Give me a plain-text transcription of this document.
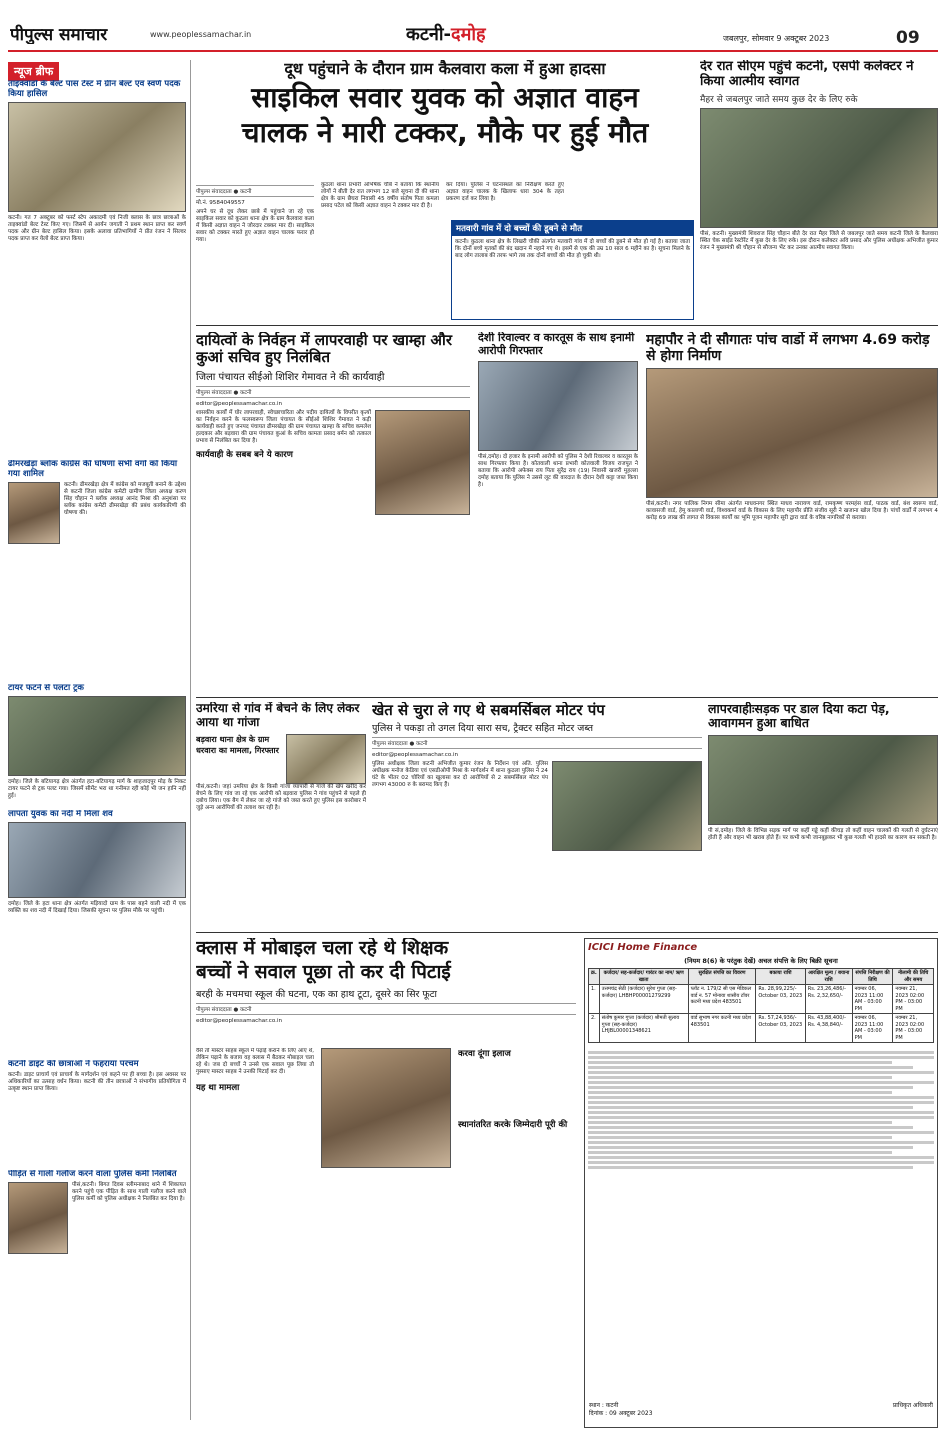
पीपुल्स समाचार	www.peoplessamachar.in	कटनी-दमोह	जबलपुर, सोमवार 9 अक्टूबर 2023	09
न्यूज ब्रीफ
ताइक्वांडो के बेल्ट पास टेस्ट में ग्रीन बेल्ट एवं स्वर्ण पदक किया हासिल
कटनी। गत 7 अक्टूबर को फर्स्ट स्टेप अकादमी एवं निजी क्लास के छात्र छात्राओं के ताइक्वांडो बेल्ट टेस्ट किए गए। जिसमें से आर्यन जगाती ने प्रथम स्थान प्राप्त कर स्वर्ण पदक और ग्रीन बेल्ट हासिल किया। इसके अलावा प्रतिभागियों ने प्रीत रंजन ने सिल्वर पदक प्राप्त कर येलो बेल्ट प्राप्त किया।
ढीमरखेड़ा ब्लॉक कांग्रेस की घोषणा सभी वर्गो को किया गया शामिल
कटनी। ढीमरखेड़ा क्षेत्र में कांग्रेस को मजबूती बनाने के उद्देश्य से कटनी जिला कांग्रेस कमेटी ग्रामीण जिला अध्यक्ष करण सिंह चौहान ने ब्लॉक अध्यक्ष आनंद मिश्रा की अनुशंसा पर ब्लॉक कांग्रेस कमेटी ढीमरखेड़ा की प्रबंध कार्यकारिणी की घोषणा की।
टायर फटने से पलटा ट्रक
दमोह। जिले के बटियागढ़ क्षेत्र अंतर्गत हटा-बटियागढ़ मार्ग के शाहजादपुर मोड़ के निकट टायर फटने से ट्रक पलट गया। जिसमें सीमेंट भरा था गनीमत रही कोई भी जन हानि नहीं हुई।
लापता युवक का नदी में मिला शव
दमोह। जिले के हटा थाना क्षेत्र अंतर्गत मड़ियादो ग्राम के पास बहने वाली नदी में एक व्यक्ति का शव नदी में दिखाई दिया। जिसकी सूचना पर पुलिस मौके पर पहुंची।
कटनी डाइट की छात्राओं ने फहराया परचम
कटनी। डाइट प्राचार्य एवं प्राचार्य के मार्गदर्शन एवं कहने पर ही बच्चा है। इस अवसर पर अधिकारियों का उत्साह वर्धन किया। कटनी की तीन छात्राओं ने संभागीय प्रतियोगिता में उत्कृष्ट स्थान प्राप्त किया।
पीड़ित से गाली गलौज करने वाला पुलिस कर्मी निलंबित
पीसं,कटनी। बिगत दिवस स्लीमनाबाद थाने में शिकायत करने पहुंचे एक पीड़ित के साथ गाली गलौज करने वाले पुलिस कर्मी को पुलिस अधीक्षक ने निलंबित कर दिया है।
दूध पहुंचाने के दौरान ग्राम कैलवारा कला में हुआ हादसा
साइकिल सवार युवक को अज्ञात वाहन
चालक ने मारी टक्कर, मौके पर हुई मौत
पीपुल्स संवाददाता ● कटनी
मो.नं. 9584049557
अपने घर से दूध लेकर छाबे में पहुंचाने जा रहे एक साइकिल सवार को कुठला थाना क्षेत्र के ग्राम कैलवारा कला में किसी अज्ञात वाहन ने जोरदार टक्कर मार दी। साइकिल सवार को टक्कर मारते हुए अज्ञात वाहन चालक फरार हो गया।
कुठला थाना प्रभारी अभिषेक चौबे ने बताया कि स्थानीय लोगों ने बीती देर रात लगभग 12 बजे सूचना दी की थाना क्षेत्र के ग्राम छैघरा निवासी 45 वर्षीय संतोष पिता कमला प्रसाद पटेल को किसी अज्ञात वाहन ने टक्कर मार दी है।
कर दिया। पुलिस ने घटनास्थल का निरीक्षण करते हुए अज्ञात वाहन चालक के खिलाफ धारा 304 के तहत प्रकरण दर्ज कर लिया है।
मतवारी गांव में दो बच्चों की डूबने से मौत
कटनी। कुठला थाना क्षेत्र के लिखरी चौकी अंतर्गत मतवारी गांव में दो बच्चों की डूबने से मौत हो गई है। बताया जाता कि दोनों बच्चे मृतकों की बंद खदान में नहाने गए थे। इसमें से एक की उम्र 10 साल 6 महीने का है। सूचना मिलने के बाद लोग तालाब की तरफ भागे तब तक दोनों बच्चों की मौत हो चुकी थी।
देर रात सीएम पहुंचे कटनी, एसपी कलेक्टर ने किया आत्मीय स्वागत
मैहर से जबलपुर जाते समय कुछ देर के लिए रुके
पीसं, कटनी। मुख्यमंत्री शिवराज सिंह चौहान बीते देर रात मैहर जिले से जबलपुर जाते समय कटनी जिले के कैलवारा स्थित चेक साईड रेस्टोरेंट में कुछ देर के लिए रुके। इस दौरान कलेक्टर अवि प्रसाद और पुलिस अधीक्षक अभिजीत कुमार रंजन ने मुख्यमंत्री श्री चौहान से सौजन्य भेंट कर उनका आत्मीय स्वागत किया।
दायित्वों के निर्वहन में लापरवाही पर खाम्हा और कुआं सचिव हुए निलंबित
जिला पंचायत सीईओ शिशिर गेमावत ने की कार्यवाही
पीपुल्स संवाददाता ● कटनी
editor@peoplessamachar.co.in
शासकीय कार्यों में घोर लापरवाही, स्वेच्छाचारिता और पदीय दायित्वों के विपरीत कृत्यों का निर्वहन करने के फलस्वरूप जिला पंचायत के सीईओ शिशिर गेमावत ने कड़ी कार्यवाही करते हुए जनपद पंचायत ढीमरखेड़ा की ग्राम पंचायत खाम्हा के सचिव कमलेश हल्दकार और बड़वारा की ग्राम पंचायत कुआं के सचिव कामता प्रसाद बर्मन को तत्काल प्रभाव से निलंबित कर दिया है।
कार्यवाही के सबब बने ये कारण
देशी रिवाल्वर व कारतूस के साथ इनामी आरोपी गिरफ्तार
पीसं,दमोह। दो हजार के इनामी आरोपी को पुलिस ने देशी रिवाल्वर व कारतूस के साथ गिरफ्तार किया है। कोतवाली थाना प्रभारी कोतवाली विजय राजपूत ने बताया कि आरोपी अफेक्स राय पिता सुरेंद्र राय (19) निवासी खजरी मुहल्ला दमोह बताया कि पुलिस ने उससे लूट की वारदात के दौरान देशी कट्टा जब्त किया है।
महापौर ने दी सौगातः पांच वार्डो में लगभग 4.69 करोड़ से होगा निर्माण
पीसं,कटनी। नगर पालिक निगम सीमा अंतर्गत माधवनगर स्थित माधव नारायण वार्ड, रामकृष्ण परमहंस वार्ड, पाठक वार्ड, बंश स्वरूप वार्ड, कावासजी वार्ड, हेमू कालाणी वार्ड, विश्वकर्मा वार्ड के विकास के लिए महापौर प्रीति संजीव सूरी ने खजाना खोल दिया है। पांचों वार्डों में लगभग 4 करोड़ 69 लाख की लागत से विकास कार्यों का भूमि पूजन महापौर सूरी द्वारा वार्ड के वरिष्ठ नागरिकों से कराया।
उमरिया से गांव में बेचने के लिए लेकर आया था गांजा
बड़वारा थाना क्षेत्र के ग्राम धरवारा का मामला, गिरफ्तार
पीसं,कटनी। जहां उमरिया क्षेत्र के किसी गांजा व्यापारी से गांजे की खेप खरीद कर बेचने के लिए गांव जा रहे एक आरोपी को बड़वारा पुलिस ने गांव पहुंचने से पहले ही दबोच लिया। एक बैग में लेकर जा रहे गांजे को जब्त करते हुए पुलिस इस कारोबार में जुड़े अन्य आरोपियों की तलाश कर रही है।
खेत से चुरा ले गए थे सबमर्सिबल मोटर पंप
पुलिस ने पकड़ा तो उगल दिया सारा सच, ट्रैक्टर सहित मोटर जब्त
पीपुल्स संवाददाता ● कटनी
editor@peoplessamachar.co.in
पुलिस अधीक्षक जिला कटनी अभिजीत कुमार रंजन के निर्देशन एवं अति. पुलिस अधीक्षक मनोज केडिया एवं एसडीओपी मिश्रा के मार्गदर्शन में थाना कुठला पुलिस ने 24 घंटे के भीतर 02 चोरियों का खुलासा कर दो आरोपियों से 2 सबमर्सिबल मोटर पंप लगभग 43000 रु के बरामद किए हैं।
लापरवाहीःसड़क पर डाल दिया कटा पेड़, आवागमन हुआ बाधित
पी सं,दमोह। जिले के विभिन्न सड़क मार्ग पर कहीं गड्डे कहीं कीचड़ तो कहीं वाहन चालकों की गलती से दुर्घटनाएं होती हैं और वाहन भी खराब होते हैं। पर कभी कभी जानबूझकर भी कुछ गलती भी हादसे का कारण बन सकती है।
क्लास में मोबाइल चला रहे थे शिक्षक
बच्चों ने सवाल पूछा तो कर दी पिटाई
बरही के मचमचा स्कूल की घटना, एक का हाथ टूटा, दूसरे का सिर फूटा
पीपुल्स संवाददाता ● कटनी
editor@peoplessamachar.co.in
वैसे तो मास्टर साहब स्कूल में पढ़ाई कराने के लिए आए थे, लेकिन पढ़ाने के बजाय वह क्लास में बैठकर मोबाइल चला रहे थे। जब दो बच्चों ने उनसे एक सवाल पूछ लिया तो गुस्साए मास्टर साहब ने उनकी पिटाई कर दी।
यह था मामला
करवा दूंगा इलाज
स्थानांतरित करके जिम्मेदारी पूरी की
ICICI Home Finance
(नियम 8(6) के परंतुक देखें) अचल संपत्ति के लिए बिक्री सूचना
क्र.	कर्जदार/ सह-कर्जदार/ गारंटर का नाम/ ऋण खाता	सुरक्षित संपत्ति का विवरण	बकाया राशि	आरक्षित मूल्य / बयाना राशि	संपत्ति निरीक्षण की तिथि	नीलामी की तिथि और समय
1.	उत्तमचंद्र सेठी (कर्जदार) सुरेश गुप्ता (सह-कर्जदार) LHBHP00001279299	प्लॉट न. 179/2 सी एस मेडिकल वार्ड न. 57 मोनाया शासीय टॉवर कटनी मध्य प्रदेश 483501	Rs. 28,99,225/- October 03, 2023	Rs. 23,26,486/- Rs. 2,32,650/-	नवम्बर 06, 2023 11:00 AM - 03:00 PM	नवम्बर 21, 2023 02:00 PM - 03:00 PM
2.	संतोष कुमार गुप्ता (कर्जदार) श्रीमती सुलाय गुप्ता (सह-कर्जदार) LHJBL00001348621	वार्ड सुभाष नगर कटनी मध्य प्रदेश 483501	Rs. 57,24,936/- October 03, 2023	Rs. 43,88,400/- Rs. 4,38,840/-	नवम्बर 06, 2023 11:00 AM - 03:00 PM	नवम्बर 21, 2023 02:00 PM - 03:00 PM
स्थान : कटनी
दिनांक : 09 अक्टूबर 2023
प्राधिकृत अधिकारी
